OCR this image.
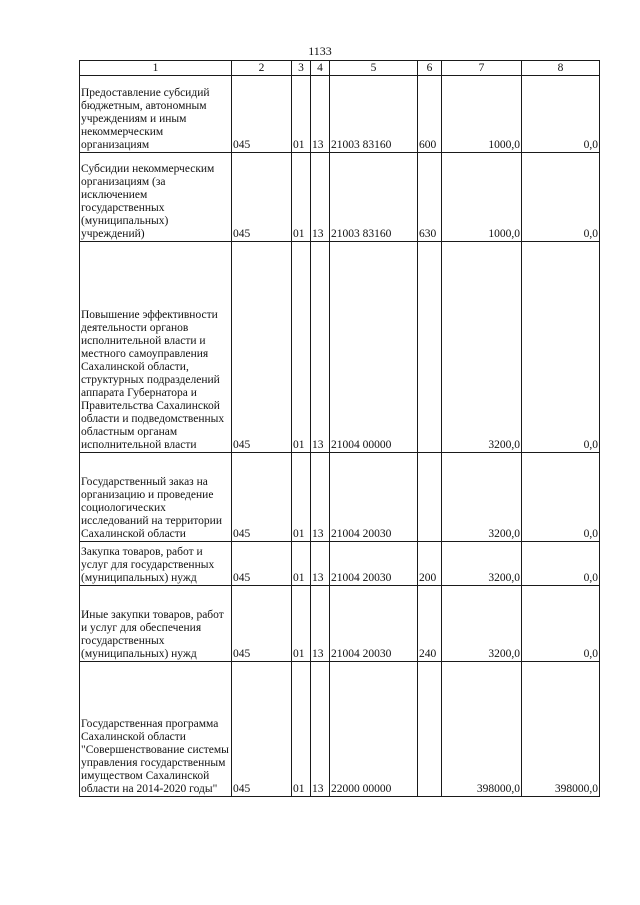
1133
1	2	3	4	5	6	7	8
Предоставление субсидий бюджетным, автономным учреждениям и иным некоммерческим организациям	045	01	13	21003 83160	600	1000,0	0,0
Субсидии некоммерческим организациям (за исключением государственных (муниципальных) учреждений)	045	01	13	21003 83160	630	1000,0	0,0
Повышение эффективности деятельности органов исполнительной власти и местного самоуправления Сахалинской области, структурных подразделений аппарата Губернатора и Правительства Сахалинской области и подведомственных областным органам исполнительной власти	045	01	13	21004 00000		3200,0	0,0
Государственный заказ на организацию и проведение социологических исследований на территории Сахалинской области	045	01	13	21004 20030		3200,0	0,0
Закупка товаров, работ и услуг для государственных (муниципальных) нужд	045	01	13	21004 20030	200	3200,0	0,0
Иные закупки товаров, работ и услуг для обеспечения государственных (муниципальных) нужд	045	01	13	21004 20030	240	3200,0	0,0
Государственная программа Сахалинской области "Совершенствование системы управления государственным имуществом Сахалинской области на 2014-2020 годы"	045	01	13	22000 00000		398000,0	398000,0
